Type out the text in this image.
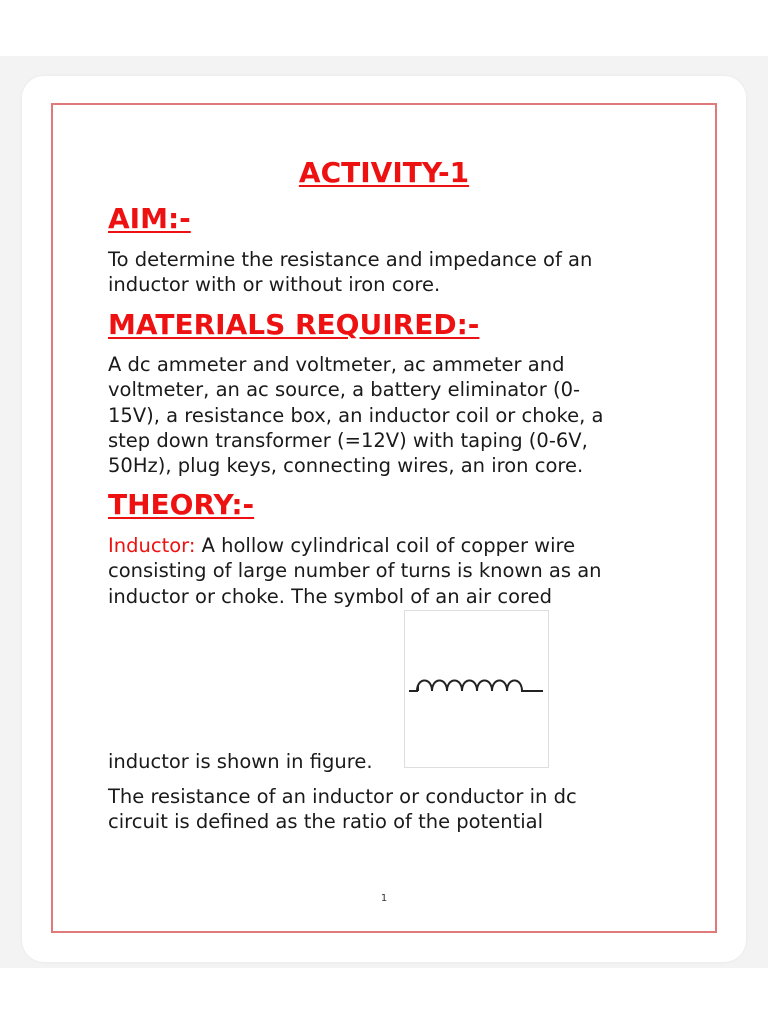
ACTIVITY-1
AIM:-

To determine the resistance and impedance of an
inductor with or without iron core.

MATERIALS REQUIRED:-

A dc ammeter and voltmeter, ac ammeter and
voltmeter, an ac source, a battery eliminator (0-
15V), a resistance box, an inductor coil or choke, a
step down transformer (=12V) with taping (0-6V,
50Hz), plug keys, connecting wires, an iron core.

THEORY:-

Inductor: A hollow cylindrical coil of copper wire
consisting of large number of turns is known as an
inductor or choke. The symbol of an air cored

inductor is shown in figure.

The resistance of an inductor or conductor in dc
circuit is defined as the ratio of the potential

1
